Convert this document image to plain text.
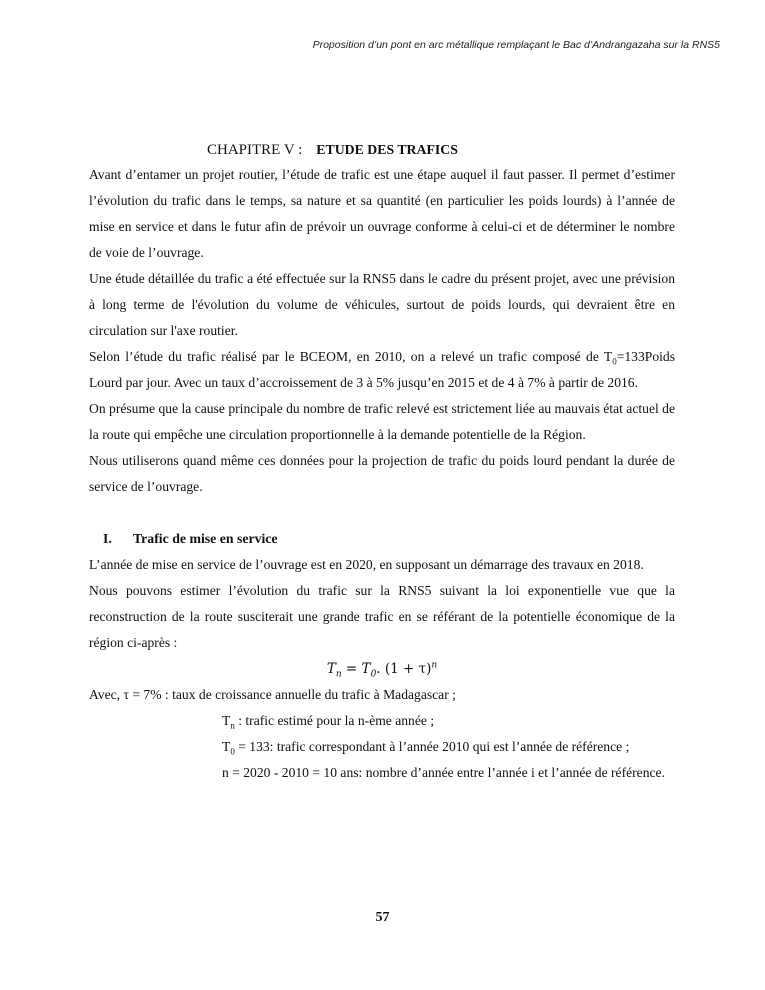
Proposition d’un pont en arc métallique remplaçant le Bac d’Andrangazaha sur la RNS5
CHAPITRE V : ETUDE DES TRAFICS

Avant d’entamer un projet routier, l’étude de trafic est une étape auquel il faut passer. Il permet d’estimer l’évolution du trafic dans le temps, sa nature et sa quantité (en particulier les poids lourds) à l’année de mise en service et dans le futur afin de prévoir un ouvrage conforme à celui-ci et de déterminer le nombre de voie de l’ouvrage.

Une étude détaillée du trafic a été effectuée sur la RNS5 dans le cadre du présent projet, avec une prévision à long terme de l'évolution du volume de véhicules, surtout de poids lourds, qui devraient être en circulation sur l'axe routier.

Selon l’étude du trafic réalisé par le BCEOM, en 2010, on a relevé un trafic composé de $T_0=133Poids$ Lourd par jour. Avec un taux d’accroissement de 3 à 5% jusqu’en 2015 et de 4 à 7% à partir de 2016.

On présume que la cause principale du nombre de trafic relevé est strictement liée au mauvais état actuel de la route qui empêche une circulation proportionnelle à la demande potentielle de la Région.

Nous utiliserons quand même ces données pour la projection de trafic du poids lourd pendant la durée de service de l’ouvrage.

I. Trafic de mise en service

L’année de mise en service de l’ouvrage est en 2020, en supposant un démarrage des travaux en 2018.

Nous pouvons estimer l’évolution du trafic sur la RNS5 suivant la loi exponentielle vue que la reconstruction de la route susciterait une grande trafic en se référant de la potentielle économique de la région ci-après :

$T_n = T_0$. $(1 + \tau)^n$
Avec, τ = 7% : taux de croissance annuelle du trafic à Madagascar ;
$T_n$ : trafic estimé pour la n-ème année ;
$T_0 = 133$: trafic correspondant à l’année 2010 qui est l’année de référence ;

n = 2020 - 2010 = 10 ans: nombre d’année entre l’année i et l’année de référence.

57
